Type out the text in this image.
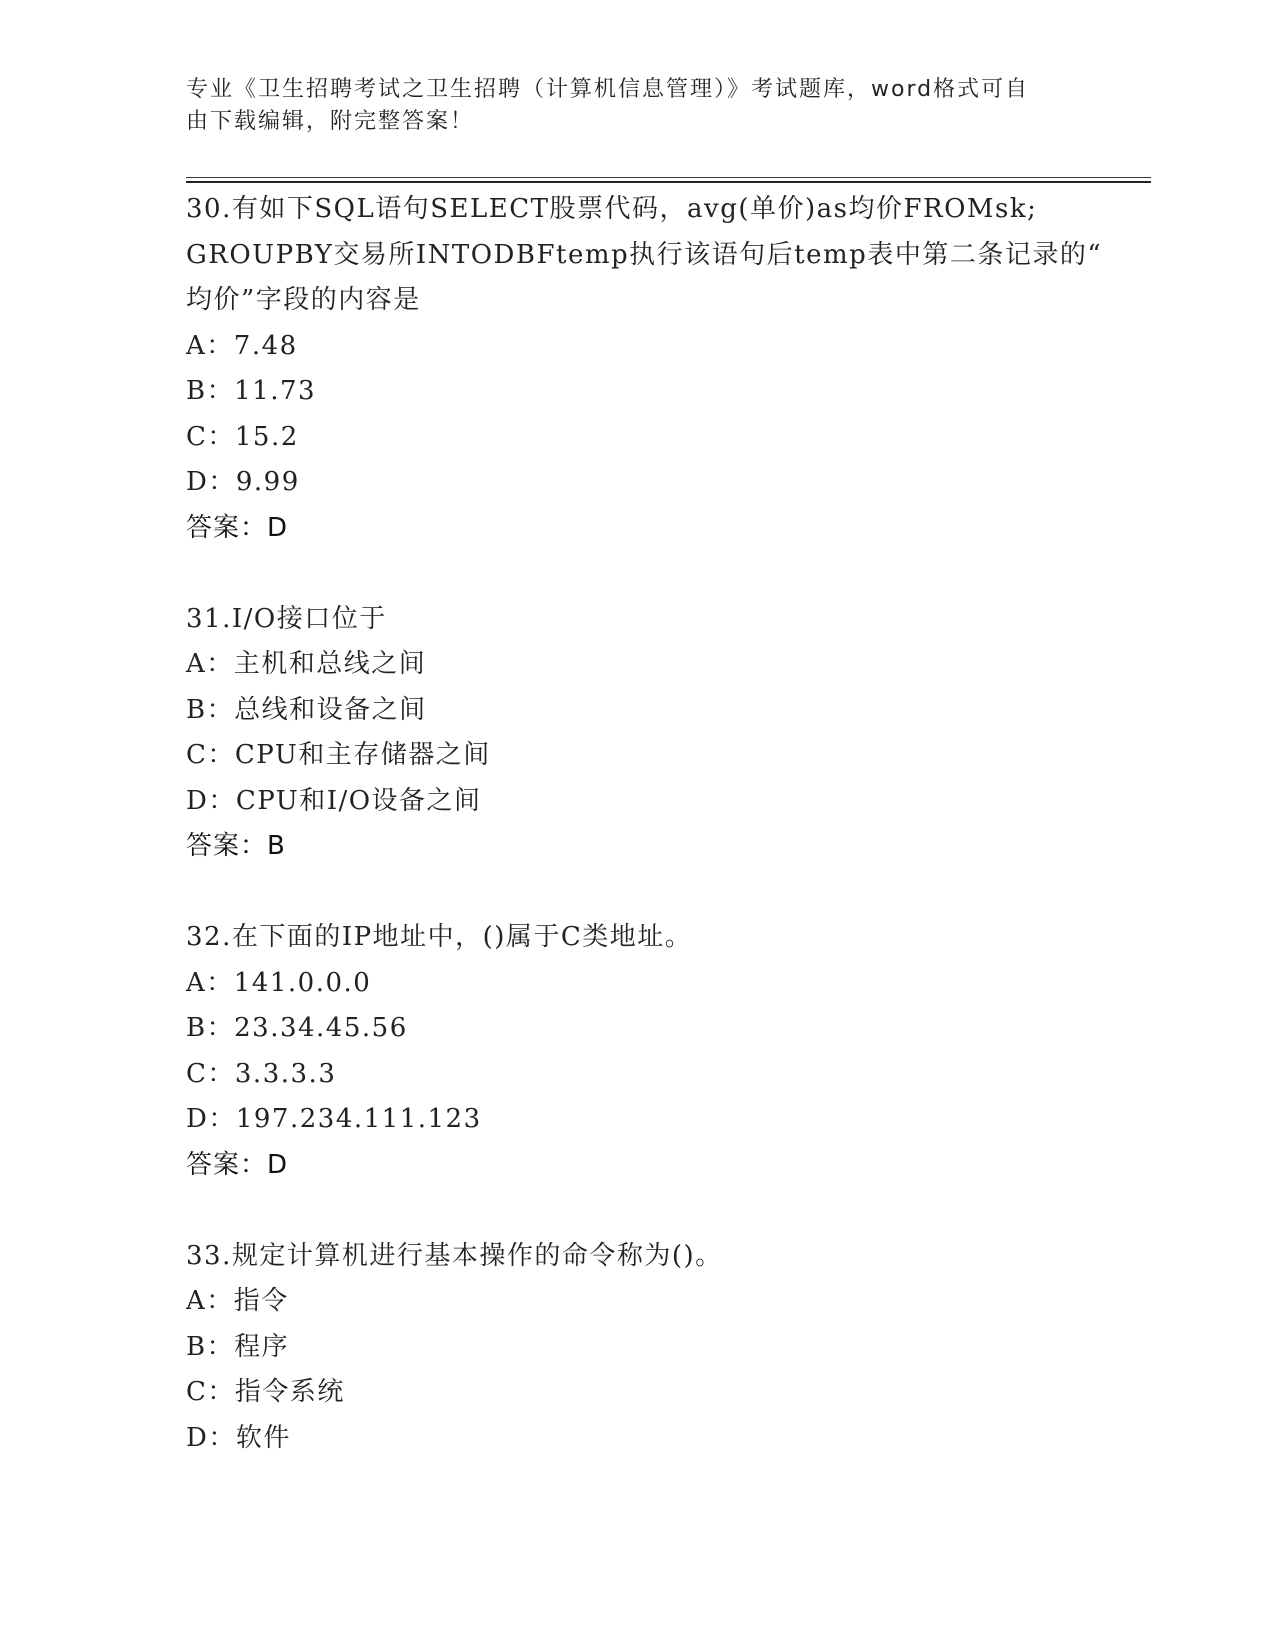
专业《卫生招聘考试之卫生招聘（计算机信息管理）》考试题库，word格式可自
由下载编辑，附完整答案！
30.有如下SQL语句SELECT股票代码，avg(单价)as均价FROMsk;
GROUPBY交易所INTODBFtemp执行该语句后temp表中第二条记录的“
均价”字段的内容是
A：7.48
B：11.73
C：15.2
D：9.99
答案：D
31.I/O接口位于
A：主机和总线之间
B：总线和设备之间
C：CPU和主存储器之间
D：CPU和I/O设备之间
答案：B
32.在下面的IP地址中，()属于C类地址。
A：141.0.0.0
B：23.34.45.56
C：3.3.3.3
D：197.234.111.123
答案：D
33.规定计算机进行基本操作的命令称为()。
A：指令
B：程序
C：指令系统
D：软件
